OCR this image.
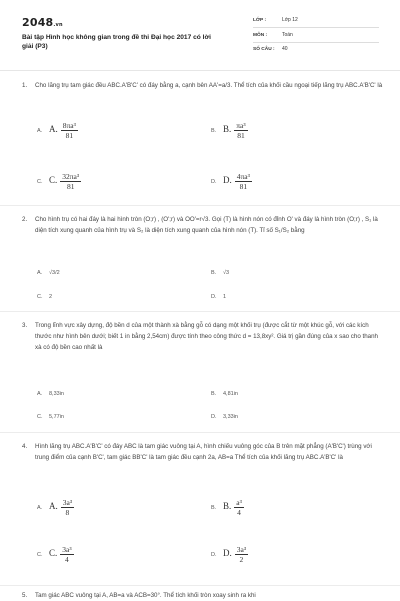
2048.vn
Bài tập Hình học không gian trong đề thi Đại học 2017 có lời giải (P3)
LỚP :	Lớp 12
MÔN :	Toán
SỐ CÂU : 40
1. Cho lăng trụ tam giác đều ABC.A'B'C' có đáy bằng a, cạnh bên AA'=a/3. Thể tích của khối cầu ngoại tiếp lăng trụ ABC.A'B'C' là
A. A. $\frac{\text{8πa³}}{81}$	B. B. $\frac{\text{πa³}}{81}$
C. C. $\frac{\text{32πa³}}{81}$	D. D. $\frac{\text{4πa³}}{81}$
2. Cho hình trụ có hai đáy là hai hình tròn (O;r) , (O';r) và OO'=r√3. Gọi (T) là hình nón có đỉnh O' và đáy là hình tròn (O;r) , S₁ là diện tích xung quanh của hình trụ và S₂ là diện tích xung quanh của hình nón (T). Tỉ số S₁/S₂ bằng
A. √3/2	B. √3
C. 2	D. 1
3. Trong lĩnh vực xây dựng, độ bền d của một thành xà bằng gỗ có dạng một khối trụ (được cắt từ một khúc gỗ, với các kích thước như hình bên dưới; biết 1 in bằng 2,54cm) được tính theo công thức d = 13,8xy². Giá trị gần đúng của x sao cho thanh xà có độ bền cao nhất là
A. 8,33in	B. 4,81in
C. 5,77in	D. 3,33in
4. Hình lăng trụ ABC.A'B'C' có đáy ABC là tam giác vuông tại A, hình chiếu vuông góc của B trên mặt phẳng (A'B'C') trùng với trung điểm của cạnh B'C', tam giác BB'C' là tam giác đều cạnh 2a, AB=a Thể tích của khối lăng trụ ABC.A'B'C' là
A. A. $\frac{\text{3a³}}{8}$	B. B. $\frac{\text{a³}}{4}$
C. C. $\frac{\text{3a³}}{4}$	D. D. $\frac{\text{3a³}}{2}$
5. Tam giác ABC vuông tại A, AB=a và ACB=30°. Thể tích khối tròn xoay sinh ra khi
